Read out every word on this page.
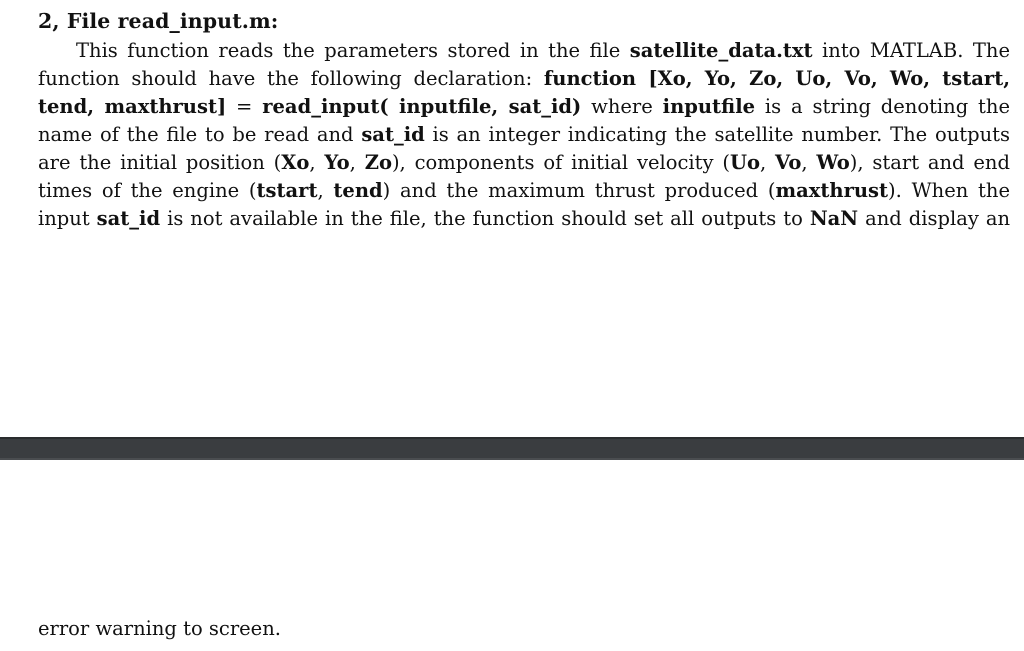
2, File read_input.m:
This function reads the parameters stored in the file satellite_data.txt into MATLAB. The
function should have the following declaration: function [Xo, Yo, Zo, Uo, Vo, Wo, tstart,
tend, maxthrust] = read_input( inputfile, sat_id) where inputfile is a string denoting the
name of the file to be read and sat_id is an integer indicating the satellite number. The outputs
are the initial position (Xo, Yo, Zo), components of initial velocity (Uo, Vo, Wo), start and end
times of the engine (tstart, tend) and the maximum thrust produced (maxthrust). When the
input sat_id is not available in the file, the function should set all outputs to NaN and display an
error warning to screen.
